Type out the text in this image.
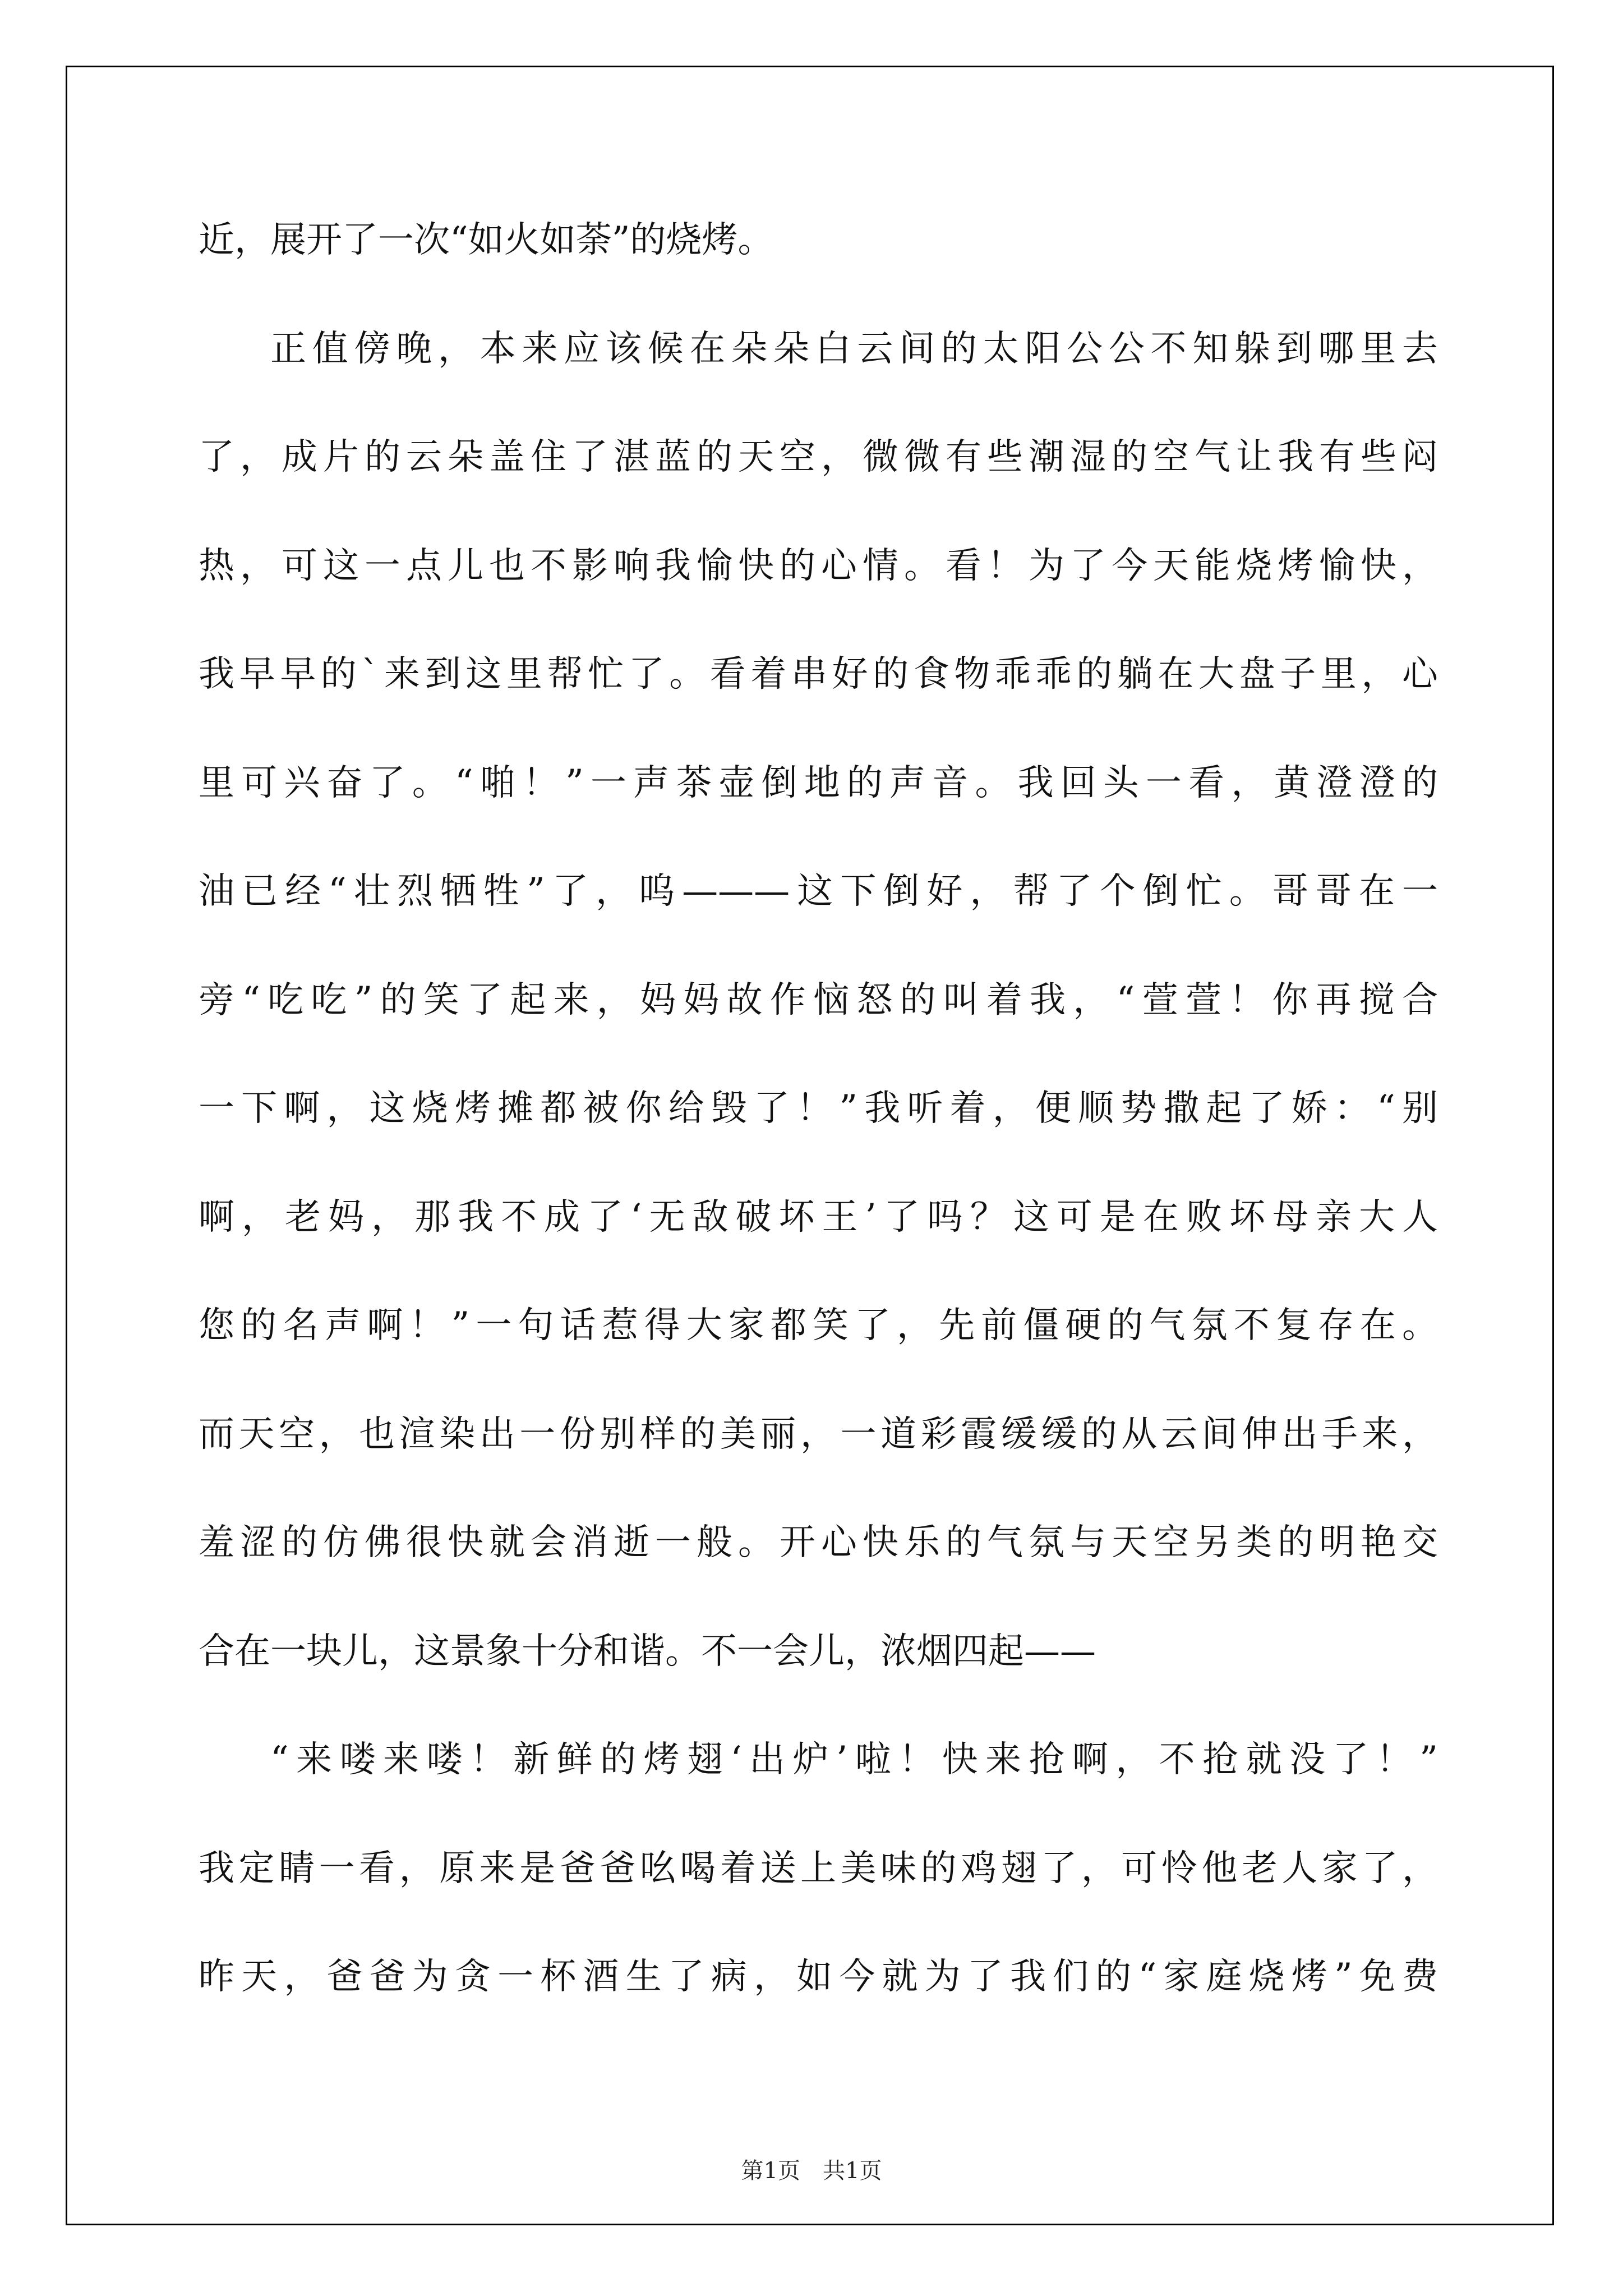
近，展开了一次“如火如荼”的烧烤。
正值傍晚，本来应该候在朵朵白云间的太阳公公不知躲到哪里去
了，成片的云朵盖住了湛蓝的天空，微微有些潮湿的空气让我有些闷
热，可这一点儿也不影响我愉快的心情。看！为了今天能烧烤愉快，
我早早的`来到这里帮忙了。看着串好的食物乖乖的躺在大盘子里，心
里可兴奋了。“啪！”一声茶壶倒地的声音。我回头一看，黄澄澄的
油已经“壮烈牺牲”了，呜———这下倒好，帮了个倒忙。哥哥在一
旁“吃吃”的笑了起来，妈妈故作恼怒的叫着我，“萱萱！你再搅合
一下啊，这烧烤摊都被你给毁了！”我听着，便顺势撒起了娇：“别
啊，老妈，那我不成了‘无敌破坏王’了吗？这可是在败坏母亲大人
您的名声啊！”一句话惹得大家都笑了，先前僵硬的气氛不复存在。
而天空，也渲染出一份别样的美丽，一道彩霞缓缓的从云间伸出手来，
羞涩的仿佛很快就会消逝一般。开心快乐的气氛与天空另类的明艳交
合在一块儿，这景象十分和谐。不一会儿，浓烟四起——
“来喽来喽！新鲜的烤翅‘出炉’啦！快来抢啊，不抢就没了！”
我定睛一看，原来是爸爸吆喝着送上美味的鸡翅了，可怜他老人家了，
昨天，爸爸为贪一杯酒生了病，如今就为了我们的“家庭烧烤”免费
第1页　共1页
